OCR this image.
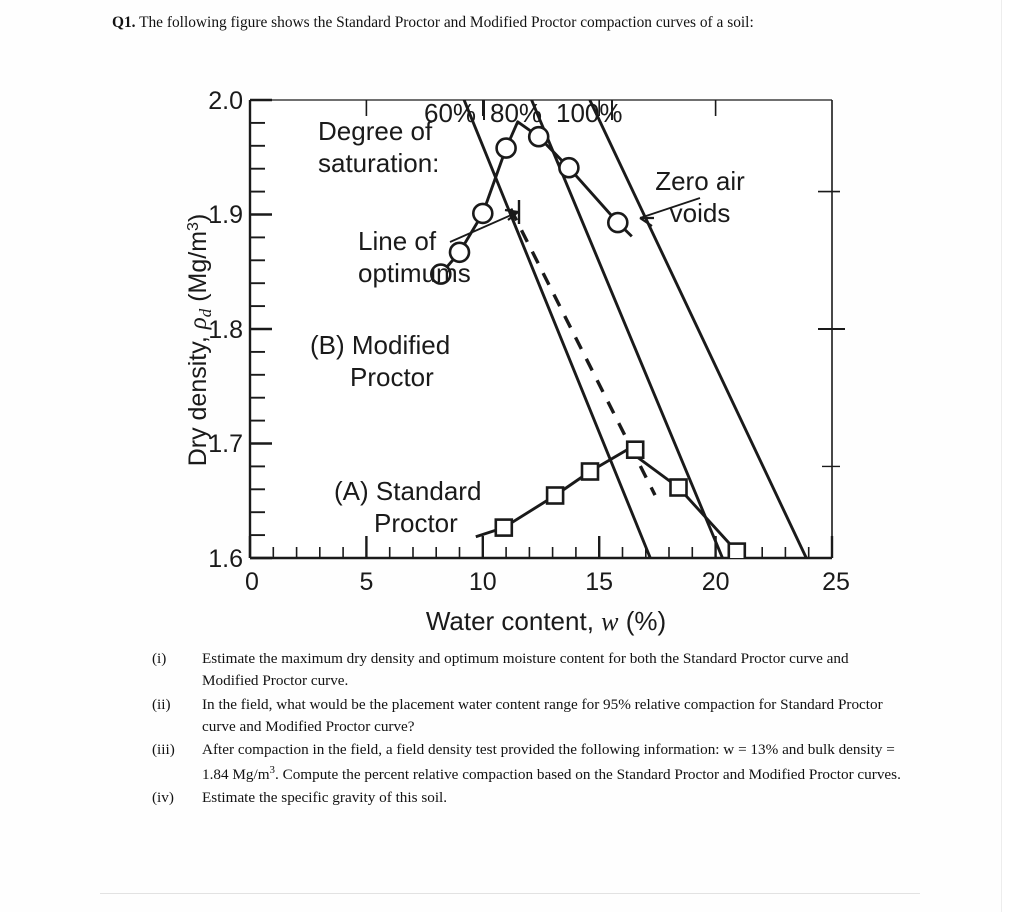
Q1. The following figure shows the Standard Proctor and Modified Proctor compaction curves of a soil:
2.0
1.9
1.8
1.7
1.6
0	5	10	15	20	25
Water content, w (%)
Dry density, $\rho_d$ $(Mg/m^3)$
60% 80% 100%
Degree of
saturation:
Line of
optimums
Zero air
voids
(B) Modified
Proctor
(A) Standard
Proctor
(i)	Estimate the maximum dry density and optimum moisture content for both the Standard Proctor curve and Modified Proctor curve.
(ii)	In the field, what would be the placement water content range for 95% relative compaction for Standard Proctor curve and Modified Proctor curve?
(iii)	After compaction in the field, a field density test provided the following information: w = 13% and bulk density = 1.84 $Mg/m^3$. Compute the percent relative compaction based on the Standard Proctor and Modified Proctor curves.
(iv)	Estimate the specific gravity of this soil.
